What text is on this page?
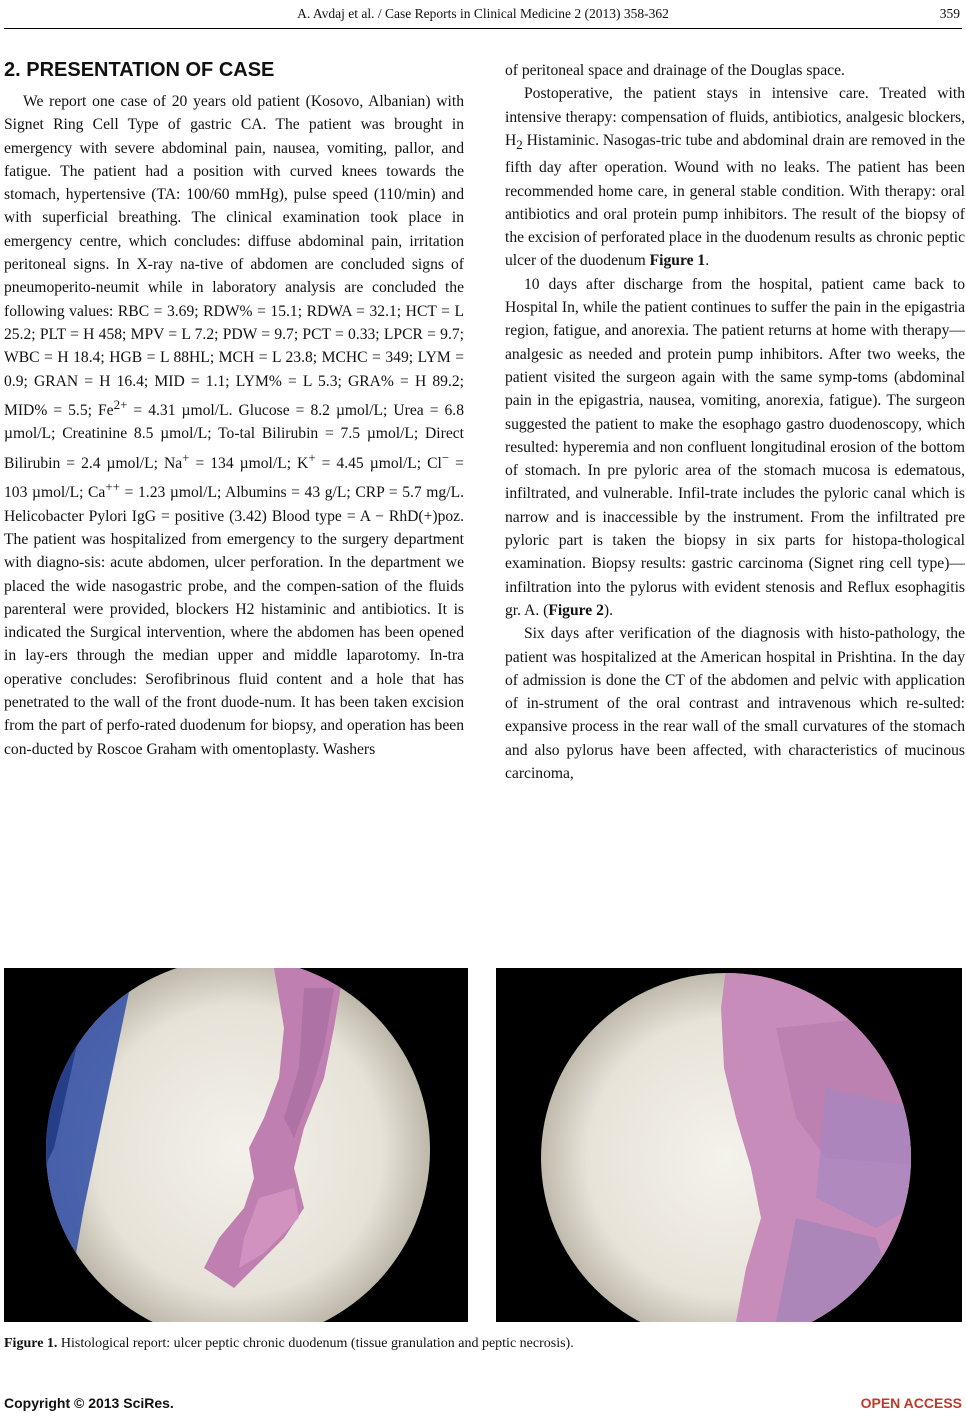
A. Avdaj et al. / Case Reports in Clinical Medicine 2 (2013) 358-362	359
2. PRESENTATION OF CASE

We report one case of 20 years old patient (Kosovo, Albanian) with Signet Ring Cell Type of gastric CA. The patient was brought in emergency with severe abdominal pain, nausea, vomiting, pallor, and fatigue. The patient had a position with curved knees towards the stomach, hypertensive (TA: 100/60 mmHg), pulse speed (110/min) and with superficial breathing. The clinical examination took place in emergency centre, which concludes: diffuse abdominal pain, irritation peritoneal signs. In X-ray na-tive of abdomen are concluded signs of pneumoperito-neumit while in laboratory analysis are concluded the following values: RBC = 3.69; RDW% = 15.1; RDWA = 32.1; HCT = L 25.2; PLT = H 458; MPV = L 7.2; PDW = 9.7; PCT = 0.33; LPCR = 9.7; WBC = H 18.4; HGB = L 88HL; MCH = L 23.8; MCHC = 349; LYM = 0.9; GRAN = H 16.4; MID = 1.1; LYM% = L 5.3; GRA% = H 89.2; MID% = 5.5; $Fe^{2+} = 4.31$ µmol/L. Glucose = 8.2 µmol/L; Urea = 6.8 µmol/L; Creatinine 8.5 µmol/L; To-tal Bilirubin = 7.5 µmol/L; Direct Bilirubin = 2.4 µmol/L; Na+ = 134 µmol/L; K+ = 4.45 µmol/L; Cl− = 103 µmol/L; Ca++ = 1.23 µmol/L; Albumins = 43 g/L; CRP = 5.7 mg/L. Helicobacter Pylori IgG = positive (3.42) Blood type = A − RhD(+)poz. The patient was hospitalized from emergency to the surgery department with diagno-sis: acute abdomen, ulcer perforation. In the department we placed the wide nasogastric probe, and the compen-sation of the fluids parenteral were provided, blockers H2 histaminic and antibiotics. It is indicated the Surgical intervention, where the abdomen has been opened in lay-ers through the median upper and middle laparotomy. In-tra operative concludes: Serofibrinous fluid content and a hole that has penetrated to the wall of the front duode-num. It has been taken excision from the part of perfo-rated duodenum for biopsy, and operation has been con-ducted by Roscoe Graham with omentoplasty. Washers

of peritoneal space and drainage of the Douglas space.

Postoperative, the patient stays in intensive care. Treated with intensive therapy: compensation of fluids, antibiotics, analgesic blockers, $H_2$ Histaminic. Nasogas-tric tube and abdominal drain are removed in the fifth day after operation. Wound with no leaks. The patient has been recommended home care, in general stable condition. With therapy: oral antibiotics and oral protein pump inhibitors. The result of the biopsy of the excision of perforated place in the duodenum results as chronic peptic ulcer of the duodenum Figure 1.

10 days after discharge from the hospital, patient came back to Hospital In, while the patient continues to suffer the pain in the epigastria region, fatigue, and anorexia. The patient returns at home with therapy—analgesic as needed and protein pump inhibitors. After two weeks, the patient visited the surgeon again with the same symp-toms (abdominal pain in the epigastria, nausea, vomiting, anorexia, fatigue). The surgeon suggested the patient to make the esophago gastro duodenoscopy, which resulted: hyperemia and non confluent longitudinal erosion of the bottom of stomach. In pre pyloric area of the stomach mucosa is edematous, infiltrated, and vulnerable. Infil-trate includes the pyloric canal which is narrow and is inaccessible by the instrument. From the infiltrated pre pyloric part is taken the biopsy in six parts for histopa-thological examination. Biopsy results: gastric carcinoma (Signet ring cell type)—infiltration into the pylorus with evident stenosis and Reflux esophagitis gr. A. (Figure 2).

Six days after verification of the diagnosis with histo-pathology, the patient was hospitalized at the American hospital in Prishtina. In the day of admission is done the CT of the abdomen and pelvic with application of in-strument of the oral contrast and intravenous which re-sulted: expansive process in the rear wall of the small curvatures of the stomach and also pylorus have been affected, with characteristics of mucinous carcinoma,

Figure 1. Histological report: ulcer peptic chronic duodenum (tissue granulation and peptic necrosis).
Copyright © 2013 SciRes.	OPEN ACCESS
